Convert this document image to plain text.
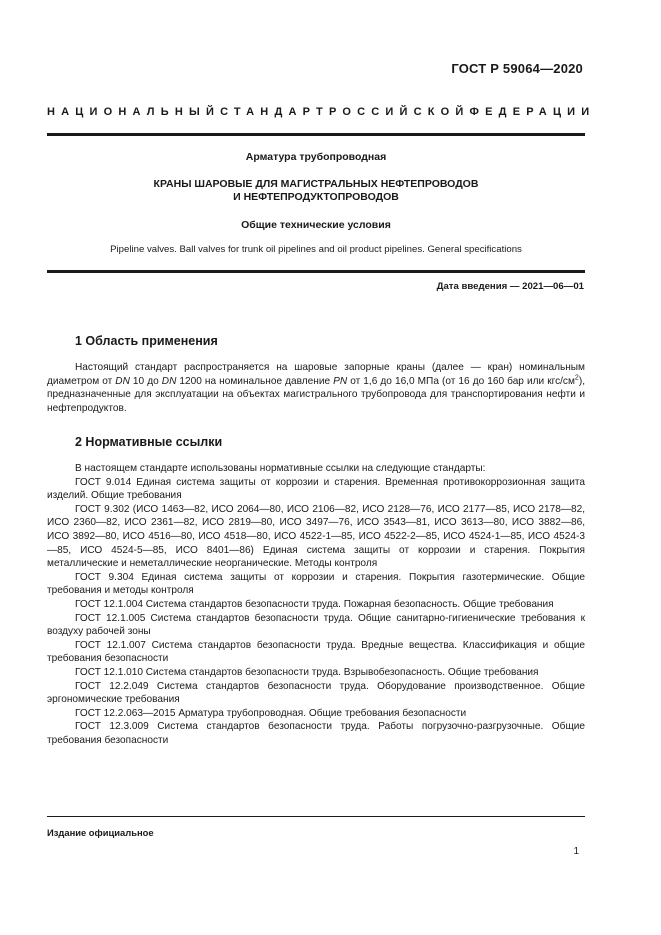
ГОСТ Р 59064—2020
НАЦИОНАЛЬНЫЙ СТАНДАРТ РОССИЙСКОЙ ФЕДЕРАЦИИ
Арматура трубопроводная
КРАНЫ ШАРОВЫЕ ДЛЯ МАГИСТРАЛЬНЫХ НЕФТЕПРОВОДОВ
И НЕФТЕПРОДУКТОПРОВОДОВ
Общие технические условия
Pipeline valves. Ball valves for trunk oil pipelines and oil product pipelines. General specifications
Дата введения — 2021—06—01
1 Область применения

Настоящий стандарт распространяется на шаровые запорные краны (далее — кран) номинальным диаметром от DN 10 до DN 1200 на номинальное давление PN от 1,6 до 16,0 МПа (от 16 до 160 бар или кгс/$см^2$), предназначенные для эксплуатации на объектах магистрального трубопровода для транспортирования нефти и нефтепродуктов.

2 Нормативные ссылки

В настоящем стандарте использованы нормативные ссылки на следующие стандарты:

ГОСТ 9.014 Единая система защиты от коррозии и старения. Временная противокоррозионная защита изделий. Общие требования

ГОСТ 9.302 (ИСО 1463—82, ИСО 2064—80, ИСО 2106—82, ИСО 2128—76, ИСО 2177—85, ИСО 2178—82, ИСО 2360—82, ИСО 2361—82, ИСО 2819—80, ИСО 3497—76, ИСО 3543—81, ИСО 3613—80, ИСО 3882—86, ИСО 3892—80, ИСО 4516—80, ИСО 4518—80, ИСО 4522-1—85, ИСО 4522-2—85, ИСО 4524-1—85, ИСО 4524-3—85, ИСО 4524-5—85, ИСО 8401—86) Единая система защиты от коррозии и старения. Покрытия металлические и неметаллические неорганические. Методы контроля

ГОСТ 9.304 Единая система защиты от коррозии и старения. Покрытия газотермические. Общие требования и методы контроля

ГОСТ 12.1.004 Система стандартов безопасности труда. Пожарная безопасность. Общие требования

ГОСТ 12.1.005 Система стандартов безопасности труда. Общие санитарно-гигиенические требования к воздуху рабочей зоны

ГОСТ 12.1.007 Система стандартов безопасности труда. Вредные вещества. Классификация и общие требования безопасности

ГОСТ 12.1.010 Система стандартов безопасности труда. Взрывобезопасность. Общие требования

ГОСТ 12.2.049 Система стандартов безопасности труда. Оборудование производственное. Общие эргономические требования

ГОСТ 12.2.063—2015 Арматура трубопроводная. Общие требования безопасности

ГОСТ 12.3.009 Система стандартов безопасности труда. Работы погрузочно-разгрузочные. Общие требования безопасности

Издание официальное
1
